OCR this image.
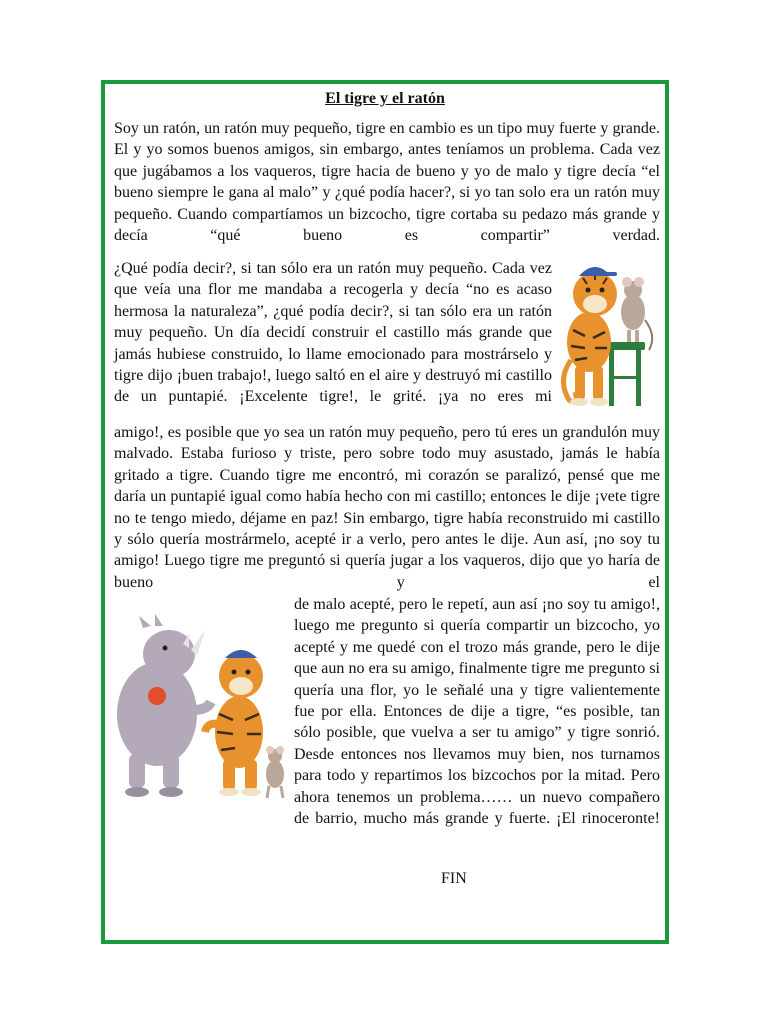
El tigre y el ratón

Soy un ratón, un ratón muy pequeño, tigre en cambio es un tipo muy fuerte y grande. El y yo somos buenos amigos, sin embargo, antes teníamos un problema. Cada vez que jugábamos a los vaqueros, tigre hacia de bueno y yo de malo y tigre decía “el bueno siempre le gana al malo” y ¿qué podía hacer?, si yo tan solo era un ratón muy pequeño. Cuando compartíamos un bizcocho, tigre cortaba su pedazo más grande y decía “qué bueno es compartir” verdad.

¿Qué podía decir?, si tan sólo era un ratón muy pequeño. Cada vez que veía una flor me mandaba a recogerla y decía “no es acaso hermosa la naturaleza”, ¿qué podía decir?, si tan sólo era un ratón muy pequeño. Un día decidí construir el castillo más grande que jamás hubiese construido, lo llame emocionado para mostrárselo y tigre dijo ¡buen trabajo!, luego saltó en el aire y destruyó mi castillo de un puntapié. ¡Excelente tigre!, le grité. ¡ya no eres mi

amigo!, es posible que yo sea un ratón muy pequeño, pero tú eres un grandulón muy malvado. Estaba furioso y triste, pero sobre todo muy asustado, jamás le había gritado a tigre. Cuando tigre me encontró, mi corazón se paralizó, pensé que me daría un puntapié igual como había hecho con mi castillo; entonces le dije ¡vete tigre no te tengo miedo, déjame en paz! Sin embargo, tigre había reconstruido mi castillo y sólo quería mostrármelo, acepté ir a verlo, pero antes le dije. Aun así, ¡no soy tu amigo! Luego tigre me preguntó si quería jugar a los vaqueros, dijo que yo haría de bueno y el

de malo acepté, pero le repetí, aun así ¡no soy tu amigo!, luego me pregunto si quería compartir un bizcocho, yo acepté y me quedé con el trozo más grande, pero le dije que aun no era su amigo, finalmente tigre me pregunto si quería una flor, yo le señalé una y tigre valientemente fue por ella. Entonces de dije a tigre, “es posible, tan sólo posible, que vuelva a ser tu amigo” y tigre sonrió. Desde entonces nos llevamos muy bien, nos turnamos para todo y repartimos los bizcochos por la mitad. Pero ahora tenemos un problema…… un nuevo compañero de barrio, mucho más grande y fuerte. ¡El rinoceronte!

FIN
